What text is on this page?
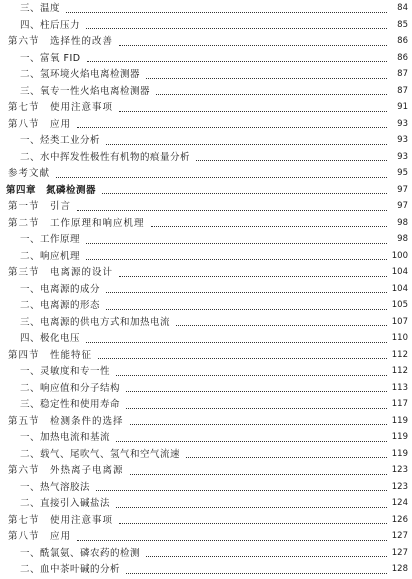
三、温度	84
四、柱后压力	85
第六节　选择性的改善	86
一、富氧 FID	86
二、氢环境火焰电离检测器	87
三、氧专一性火焰电离检测器	87
第七节　使用注意事项	91
第八节　应用	93
一、烃类工业分析	93
二、水中挥发性极性有机物的痕量分析	93
参考文献	95
第四章　氮磷检测器	97
第一节　引言	97
第二节　工作原理和响应机理	98
一、工作原理	98
二、响应机理	100
第三节　电离源的设计	104
一、电离源的成分	104
二、电离源的形态	105
三、电离源的供电方式和加热电流	107
四、极化电压	110
第四节　性能特征	112
一、灵敏度和专一性	112
二、响应值和分子结构	113
三、稳定性和使用寿命	117
第五节　检测条件的选择	119
一、加热电流和基流	119
二、载气、尾吹气、氢气和空气流速	119
第六节　外热离子电离源	123
一、热气溶胶法	123
二、直接引入碱盐法	124
第七节　使用注意事项	126
第八节　应用	127
一、酰氯氨、磷农药的检测	127
二、血中茶叶碱的分析	128
